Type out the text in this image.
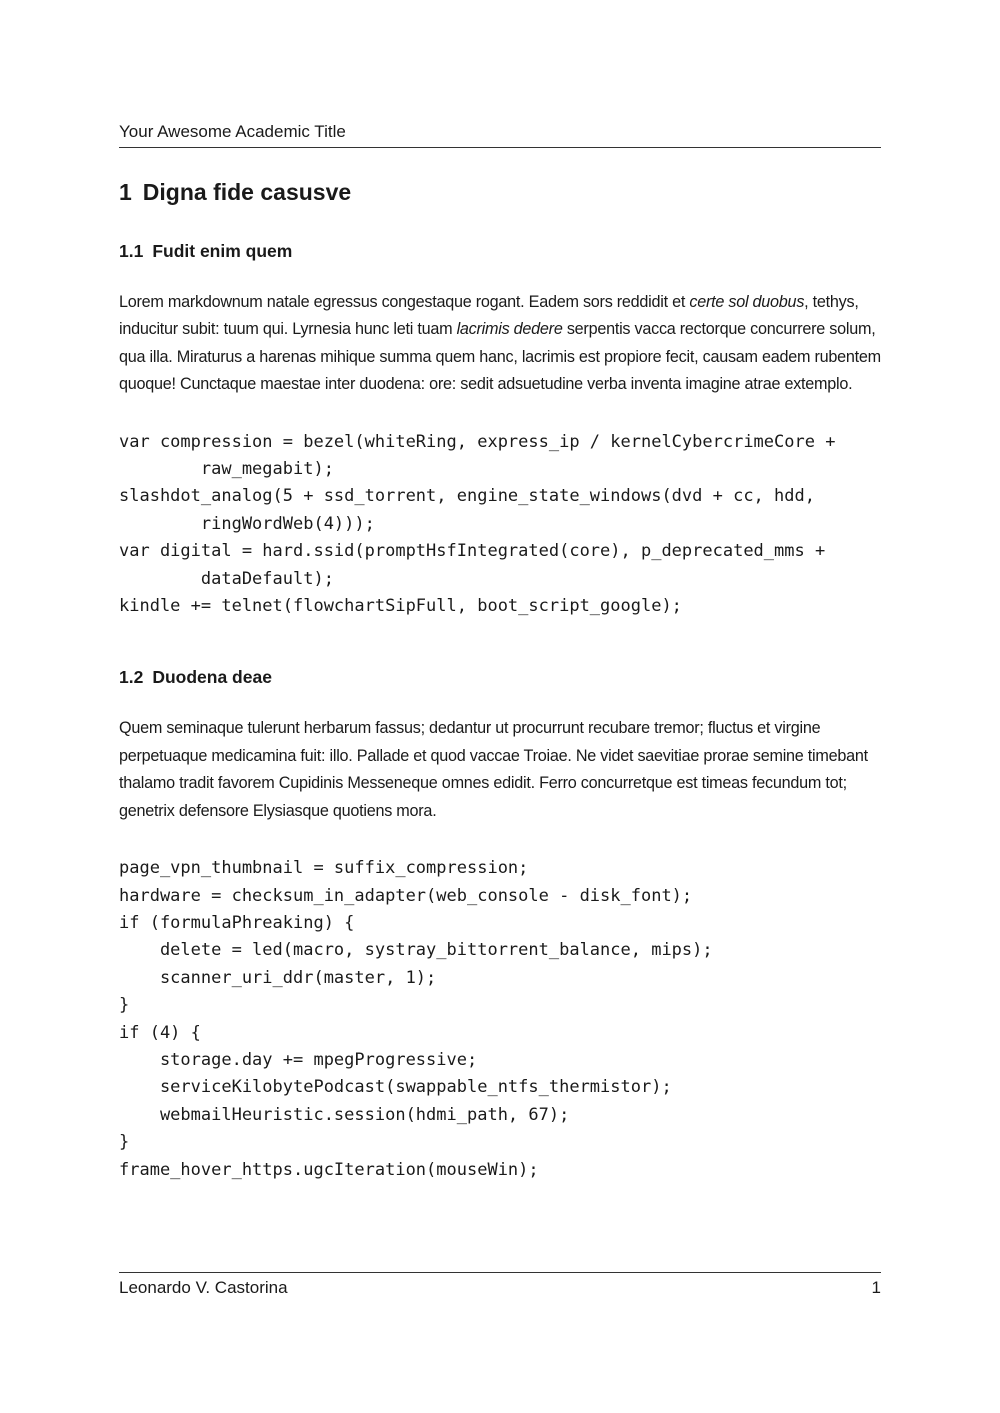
Your Awesome Academic Title
1 Digna fide casusve
1.1 Fudit enim quem

Lorem markdownum natale egressus congestaque rogant. Eadem sors reddidit et certe sol duobus, tethys, inducitur subit: tuum qui. Lyrnesia hunc leti tuam lacrimis dedere serpentis vacca rectorque concurrere solum, qua illa. Miraturus a harenas mihique summa quem hanc, lacrimis est propiore fecit, causam eadem rubentem quoque! Cunctaque maestae inter duodena: ore: sedit adsuetudine verba inventa imagine atrae extemplo.

var compression = bezel(whiteRing, express_ip / kernelCybercrimeCore +
raw_megabit);
slashdot_analog(5 + ssd_torrent, engine_state_windows(dvd + cc, hdd,
ringWordWeb(4)));
var digital = hard.ssid(promptHsfIntegrated(core), p_deprecated_mms +
dataDefault);
kindle += telnet(flowchartSipFull, boot_script_google);
1.2 Duodena deae

Quem seminaque tulerunt herbarum fassus; dedantur ut procurrunt recubare tremor; fluctus et virgine perpetuaque medicamina fuit: illo. Pallade et quod vaccae Troiae. Ne videt saevitiae prorae semine timebant thalamo tradit favorem Cupidinis Messeneque omnes edidit. Ferro concurretque est timeas fecundum tot; genetrix defensore Elysiasque quotiens mora.

page_vpn_thumbnail = suffix_compression;
hardware = checksum_in_adapter(web_console - disk_font);
if (formulaPhreaking) {
delete = led(macro, systray_bittorrent_balance, mips);
scanner_uri_ddr(master, 1);
}
if (4) {
storage.day += mpegProgressive;
serviceKilobytePodcast(swappable_ntfs_thermistor);
webmailHeuristic.session(hdmi_path, 67);
}
frame_hover_https.ugcIteration(mouseWin);
Leonardo V. Castorina	1
